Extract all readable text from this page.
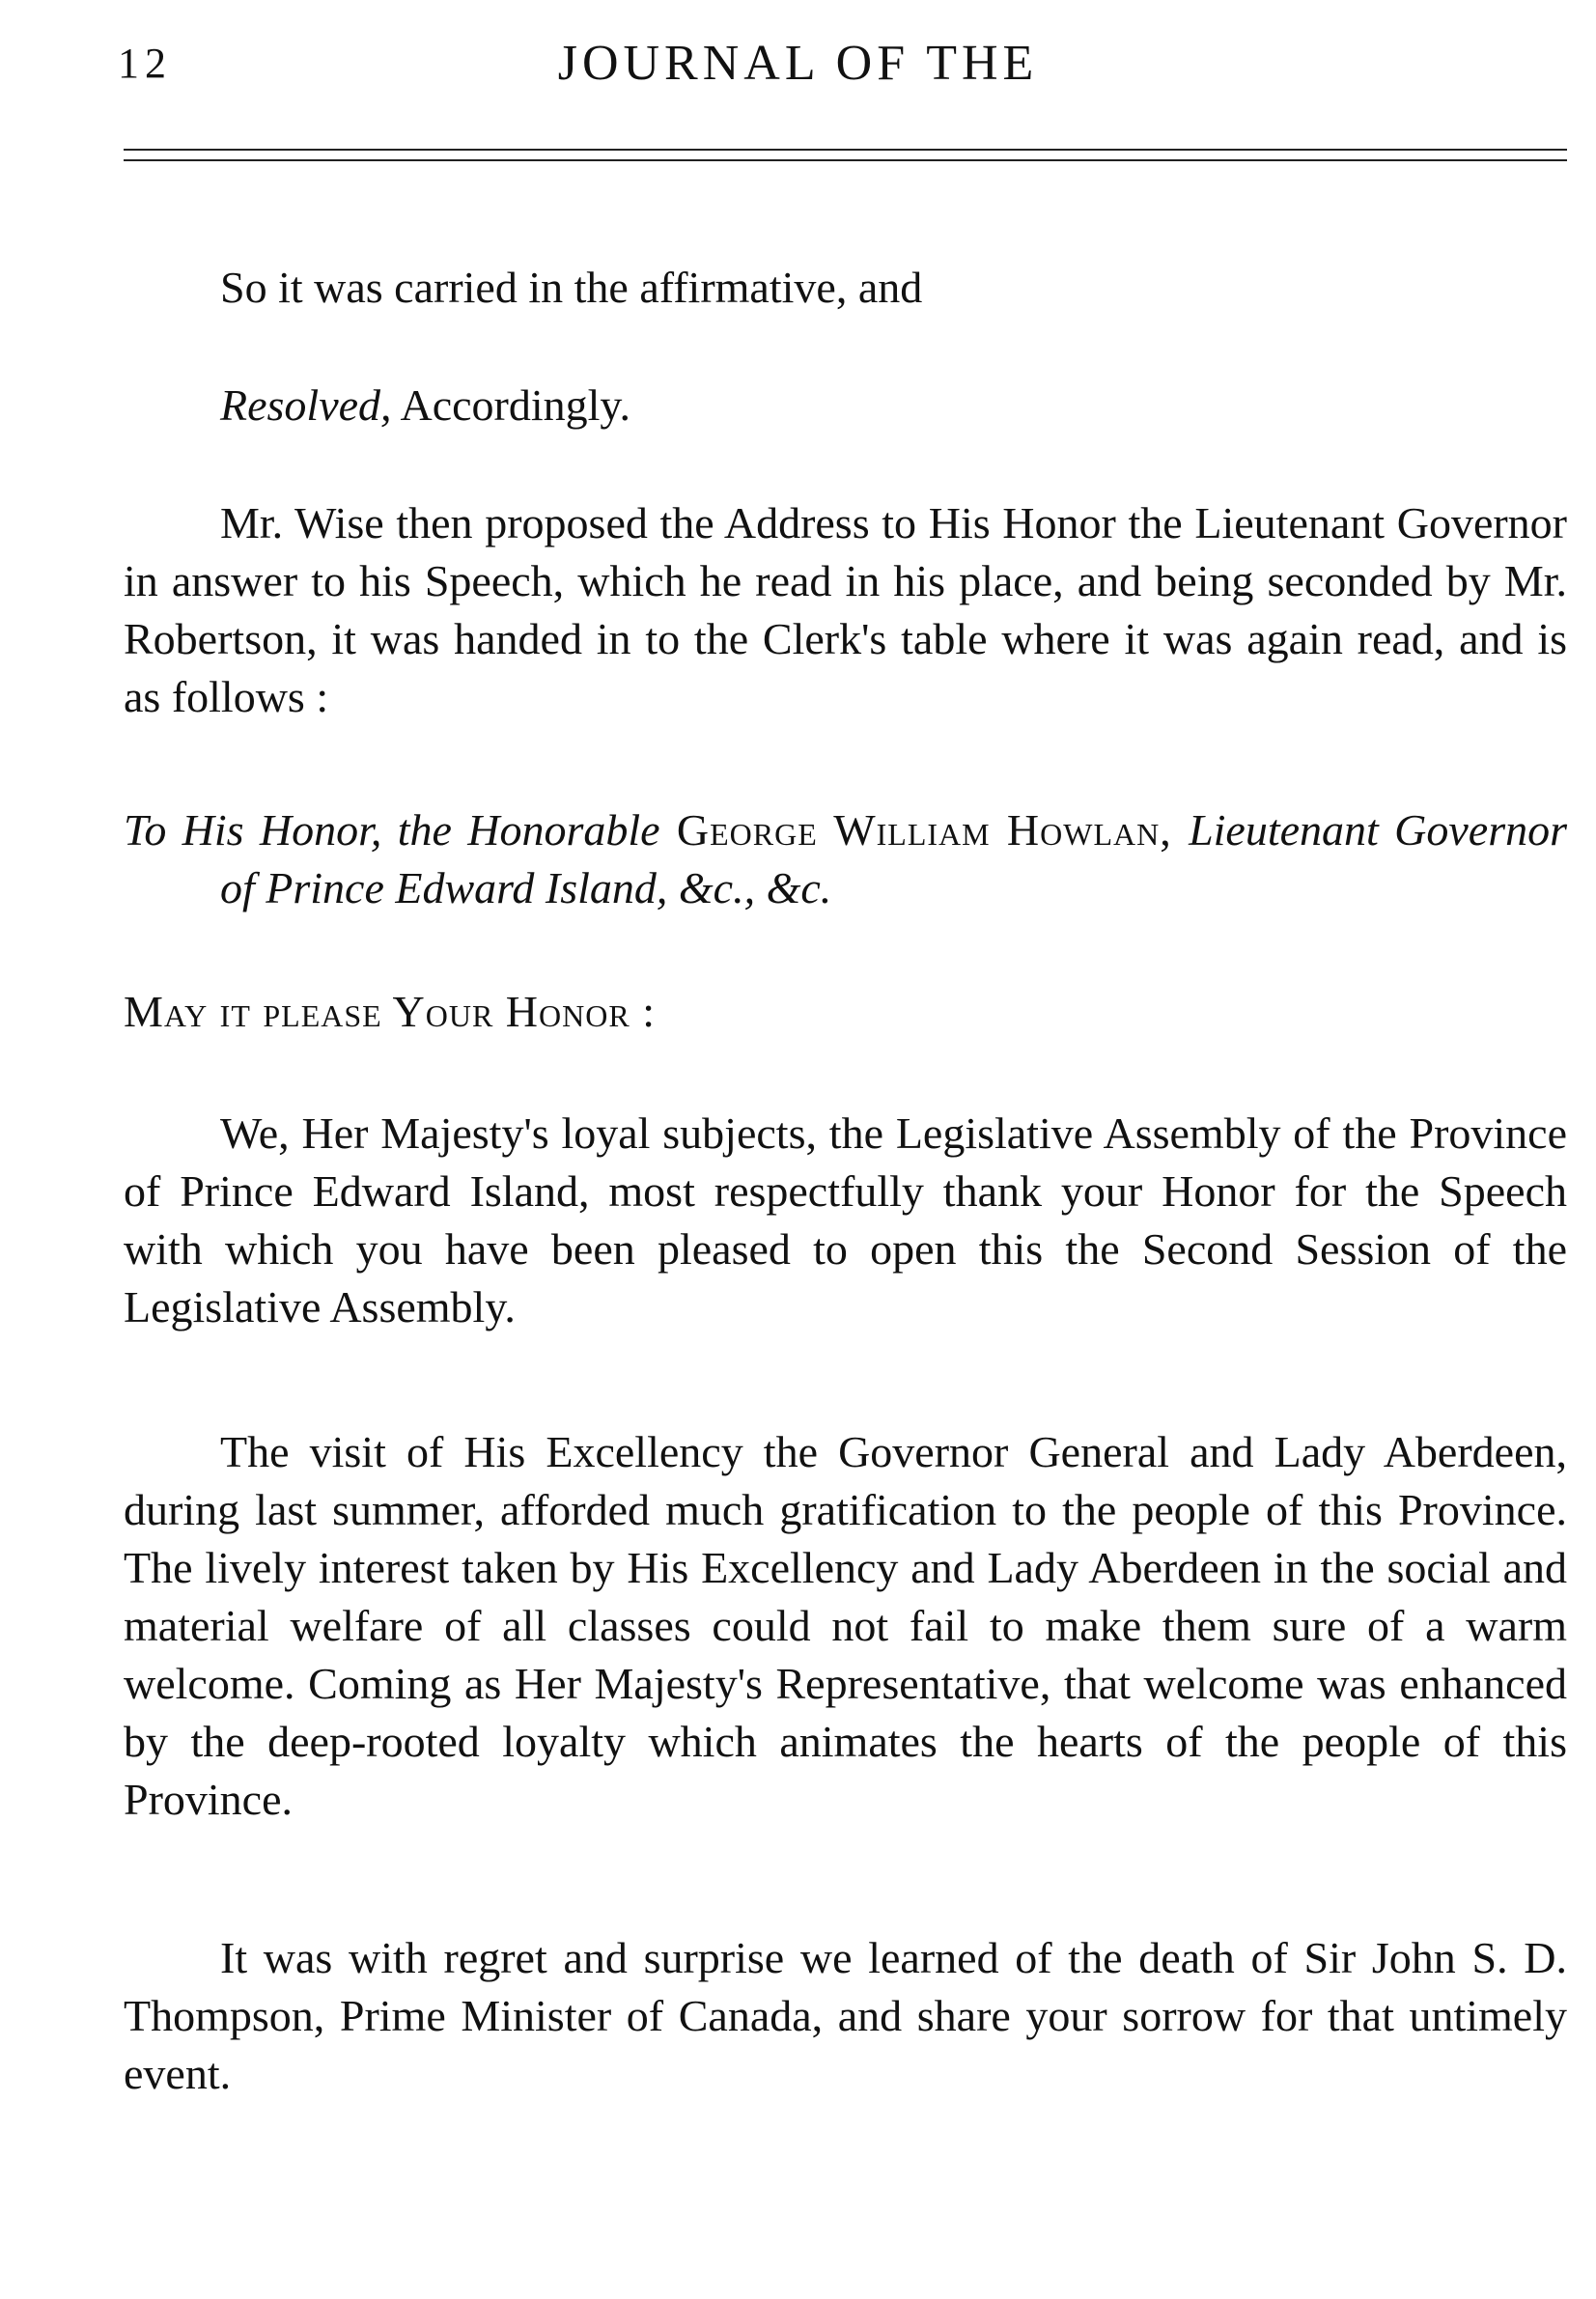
12	JOURNAL OF THE

So it was carried in the affirmative, and

Resolved, Accordingly.

Mr. Wise then proposed the Address to His Honor the Lieutenant Governor in answer to his Speech, which he read in his place, and being seconded by Mr. Robertson, it was handed in to the Clerk's table where it was again read, and is as follows :

To His Honor, the Honorable George William Howlan, Lieutenant Governor of Prince Edward Island, &c., &c.

May it please Your Honor :

We, Her Majesty's loyal subjects, the Legislative Assembly of the Province of Prince Edward Island, most respectfully thank your Honor for the Speech with which you have been pleased to open this the Second Session of the Legislative Assembly.

The visit of His Excellency the Governor General and Lady Aberdeen, during last summer, afforded much gratification to the people of this Province. The lively interest taken by His Excellency and Lady Aberdeen in the social and material welfare of all classes could not fail to make them sure of a warm welcome. Coming as Her Majesty's Representative, that welcome was enhanced by the deep-rooted loyalty which animates the hearts of the people of this Province.

It was with regret and surprise we learned of the death of Sir John S. D. Thompson, Prime Minister of Canada, and share your sorrow for that untimely event.
